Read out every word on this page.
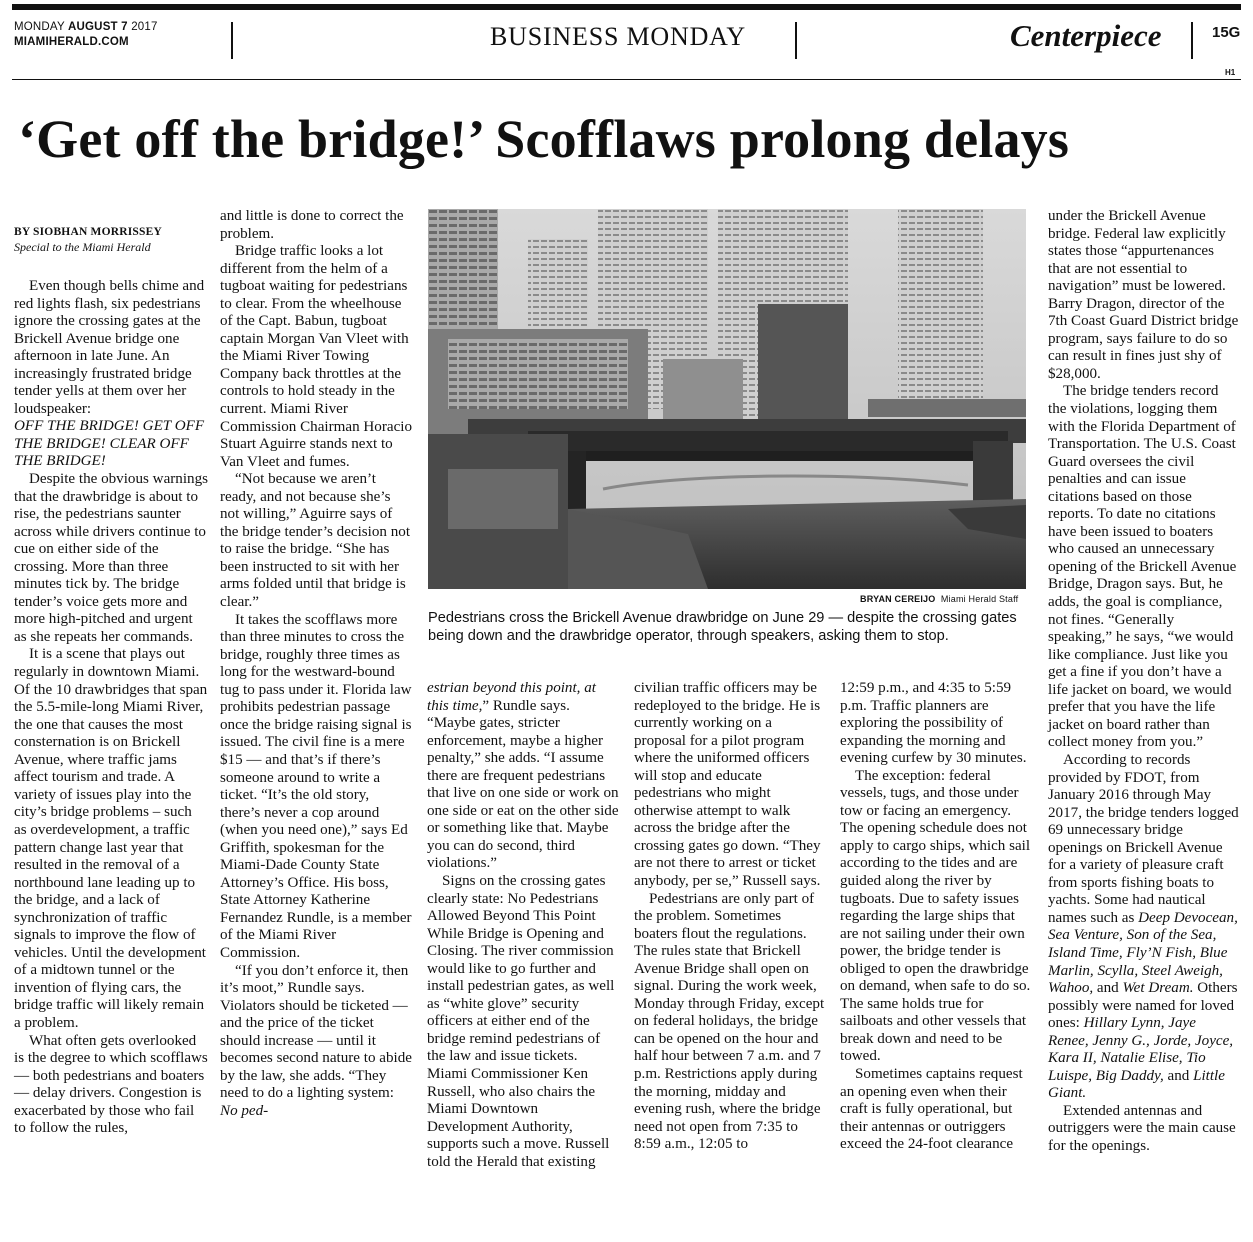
MONDAY AUGUST 7 2017
MIAMIHERALD.COM	BUSINESS MONDAY	Centerpiece	15G
H1
‘Get off the bridge!’ Scofflaws prolong delays
BY SIOBHAN MORRISSEY
Special to the Miami Herald

Even though bells chime and red lights flash, six pedestrians ignore the crossing gates at the Brickell Avenue bridge one afternoon in late June. An increasingly frustrated bridge tender yells at them over her loudspeaker:

OFF THE BRIDGE! GET OFF THE BRIDGE! CLEAR OFF THE BRIDGE!

Despite the obvious warnings that the drawbridge is about to rise, the pedestrians saunter across while drivers continue to cue on either side of the crossing. More than three minutes tick by. The bridge tender’s voice gets more and more high-pitched and urgent as she repeats her commands.

It is a scene that plays out regularly in downtown Miami. Of the 10 drawbridges that span the 5.5-mile-long Miami River, the one that causes the most consternation is on Brickell Avenue, where traffic jams affect tourism and trade. A variety of issues play into the city’s bridge problems – such as overdevelopment, a traffic pattern change last year that resulted in the removal of a northbound lane leading up to the bridge, and a lack of synchronization of traffic signals to improve the flow of vehicles. Until the development of a midtown tunnel or the invention of flying cars, the bridge traffic will likely remain a problem.

What often gets overlooked is the degree to which scofflaws — both pedestrians and boaters — delay drivers. Congestion is exacerbated by those who fail to follow the rules,

and little is done to correct the problem.

Bridge traffic looks a lot different from the helm of a tugboat waiting for pedestrians to clear. From the wheelhouse of the Capt. Babun, tugboat captain Morgan Van Vleet with the Miami River Towing Company back throttles at the controls to hold steady in the current. Miami River Commission Chairman Horacio Stuart Aguirre stands next to Van Vleet and fumes.

“Not because we aren’t ready, and not because she’s not willing,” Aguirre says of the bridge tender’s decision not to raise the bridge. “She has been instructed to sit with her arms folded until that bridge is clear.”

It takes the scofflaws more than three minutes to cross the bridge, roughly three times as long for the westward-bound tug to pass under it. Florida law prohibits pedestrian passage once the bridge raising signal is issued. The civil fine is a mere $15 — and that’s if there’s someone around to write a ticket. “It’s the old story, there’s never a cop around (when you need one),” says Ed Griffith, spokesman for the Miami-Dade County State Attorney’s Office. His boss, State Attorney Katherine Fernandez Rundle, is a member of the Miami River Commission.

“If you don’t enforce it, then it’s moot,” Rundle says. Violators should be ticketed — and the price of the ticket should increase — until it becomes second nature to abide by the law, she adds. “They need to do a lighting system: No ped-

BRYAN CEREIJO Miami Herald Staff
Pedestrians cross the Brickell Avenue drawbridge on June 29 — despite the crossing gates being down and the drawbridge operator, through speakers, asking them to stop.

estrian beyond this point, at this time,” Rundle says. “Maybe gates, stricter enforcement, maybe a higher penalty,” she adds. “I assume there are frequent pedestrians that live on one side or work on one side or eat on the other side or something like that. Maybe you can do second, third violations.”

Signs on the crossing gates clearly state: No Pedestrians Allowed Beyond This Point While Bridge is Opening and Closing. The river commission would like to go further and install pedestrian gates, as well as “white glove” security officers at either end of the bridge remind pedestrians of the law and issue tickets. Miami Commissioner Ken Russell, who also chairs the Miami Downtown Development Authority, supports such a move. Russell told the Herald that existing

civilian traffic officers may be redeployed to the bridge. He is currently working on a proposal for a pilot program where the uniformed officers will stop and educate pedestrians who might otherwise attempt to walk across the bridge after the crossing gates go down. “They are not there to arrest or ticket anybody, per se,” Russell says.

Pedestrians are only part of the problem. Sometimes boaters flout the regulations. The rules state that Brickell Avenue Bridge shall open on signal. During the work week, Monday through Friday, except on federal holidays, the bridge can be opened on the hour and half hour between 7 a.m. and 7 p.m. Restrictions apply during the morning, midday and evening rush, where the bridge need not open from 7:35 to 8:59 a.m., 12:05 to

12:59 p.m., and 4:35 to 5:59 p.m. Traffic planners are exploring the possibility of expanding the morning and evening curfew by 30 minutes.

The exception: federal vessels, tugs, and those under tow or facing an emergency. The opening schedule does not apply to cargo ships, which sail according to the tides and are guided along the river by tugboats. Due to safety issues regarding the large ships that are not sailing under their own power, the bridge tender is obliged to open the drawbridge on demand, when safe to do so. The same holds true for sailboats and other vessels that break down and need to be towed.

Sometimes captains request an opening even when their craft is fully operational, but their antennas or outriggers exceed the 24-foot clearance

under the Brickell Avenue bridge. Federal law explicitly states those “appurtenances that are not essential to navigation” must be lowered. Barry Dragon, director of the 7th Coast Guard District bridge program, says failure to do so can result in fines just shy of $28,000.

The bridge tenders record the violations, logging them with the Florida Department of Transportation. The U.S. Coast Guard oversees the civil penalties and can issue citations based on those reports. To date no citations have been issued to boaters who caused an unnecessary opening of the Brickell Avenue Bridge, Dragon says. But, he adds, the goal is compliance, not fines. “Generally speaking,” he says, “we would like compliance. Just like you get a fine if you don’t have a life jacket on board, we would prefer that you have the life jacket on board rather than collect money from you.”

According to records provided by FDOT, from January 2016 through May 2017, the bridge tenders logged 69 unnecessary bridge openings on Brickell Avenue for a variety of pleasure craft from sports fishing boats to yachts. Some had nautical names such as Deep Devocean, Sea Venture, Son of the Sea, Island Time, Fly’N Fish, Blue Marlin, Scylla, Steel Aweigh, Wahoo, and Wet Dream. Others possibly were named for loved ones: Hillary Lynn, Jaye Renee, Jenny G., Jorde, Joyce, Kara II, Natalie Elise, Tio Luispe, Big Daddy, and Little Giant.

Extended antennas and outriggers were the main cause for the openings.
